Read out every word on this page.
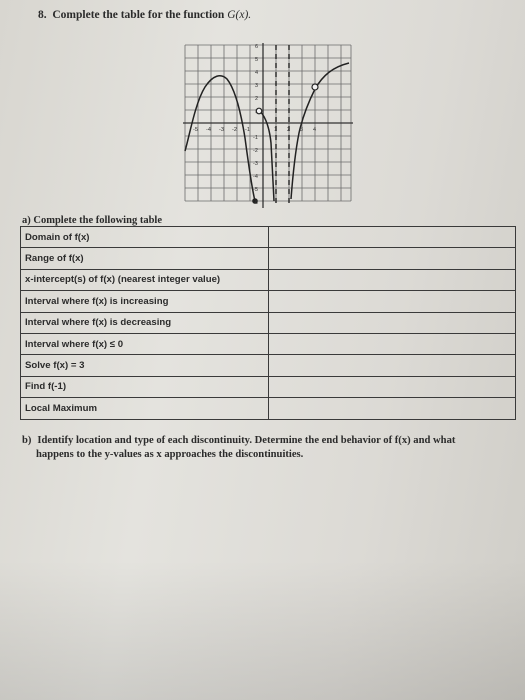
8. Complete the table for the function G(x).
-5 -4 -3 -2 -1	1 2 3 4
6
5
4
3
2
1
-1
-2
-3
-4
-5
-6
a) Complete the following table
Domain of f(x)	
Range of f(x)	
x-intercept(s) of f(x) (nearest integer value)	
Interval where f(x) is increasing	
Interval where f(x) is decreasing	
Interval where f(x) ≤ 0	
Solve f(x) = 3	
Find f(-1)	
Local Maximum	
b) Identify location and type of each discontinuity. Determine the end behavior of f(x) and what
happens to the y-values as x approaches the discontinuities.
